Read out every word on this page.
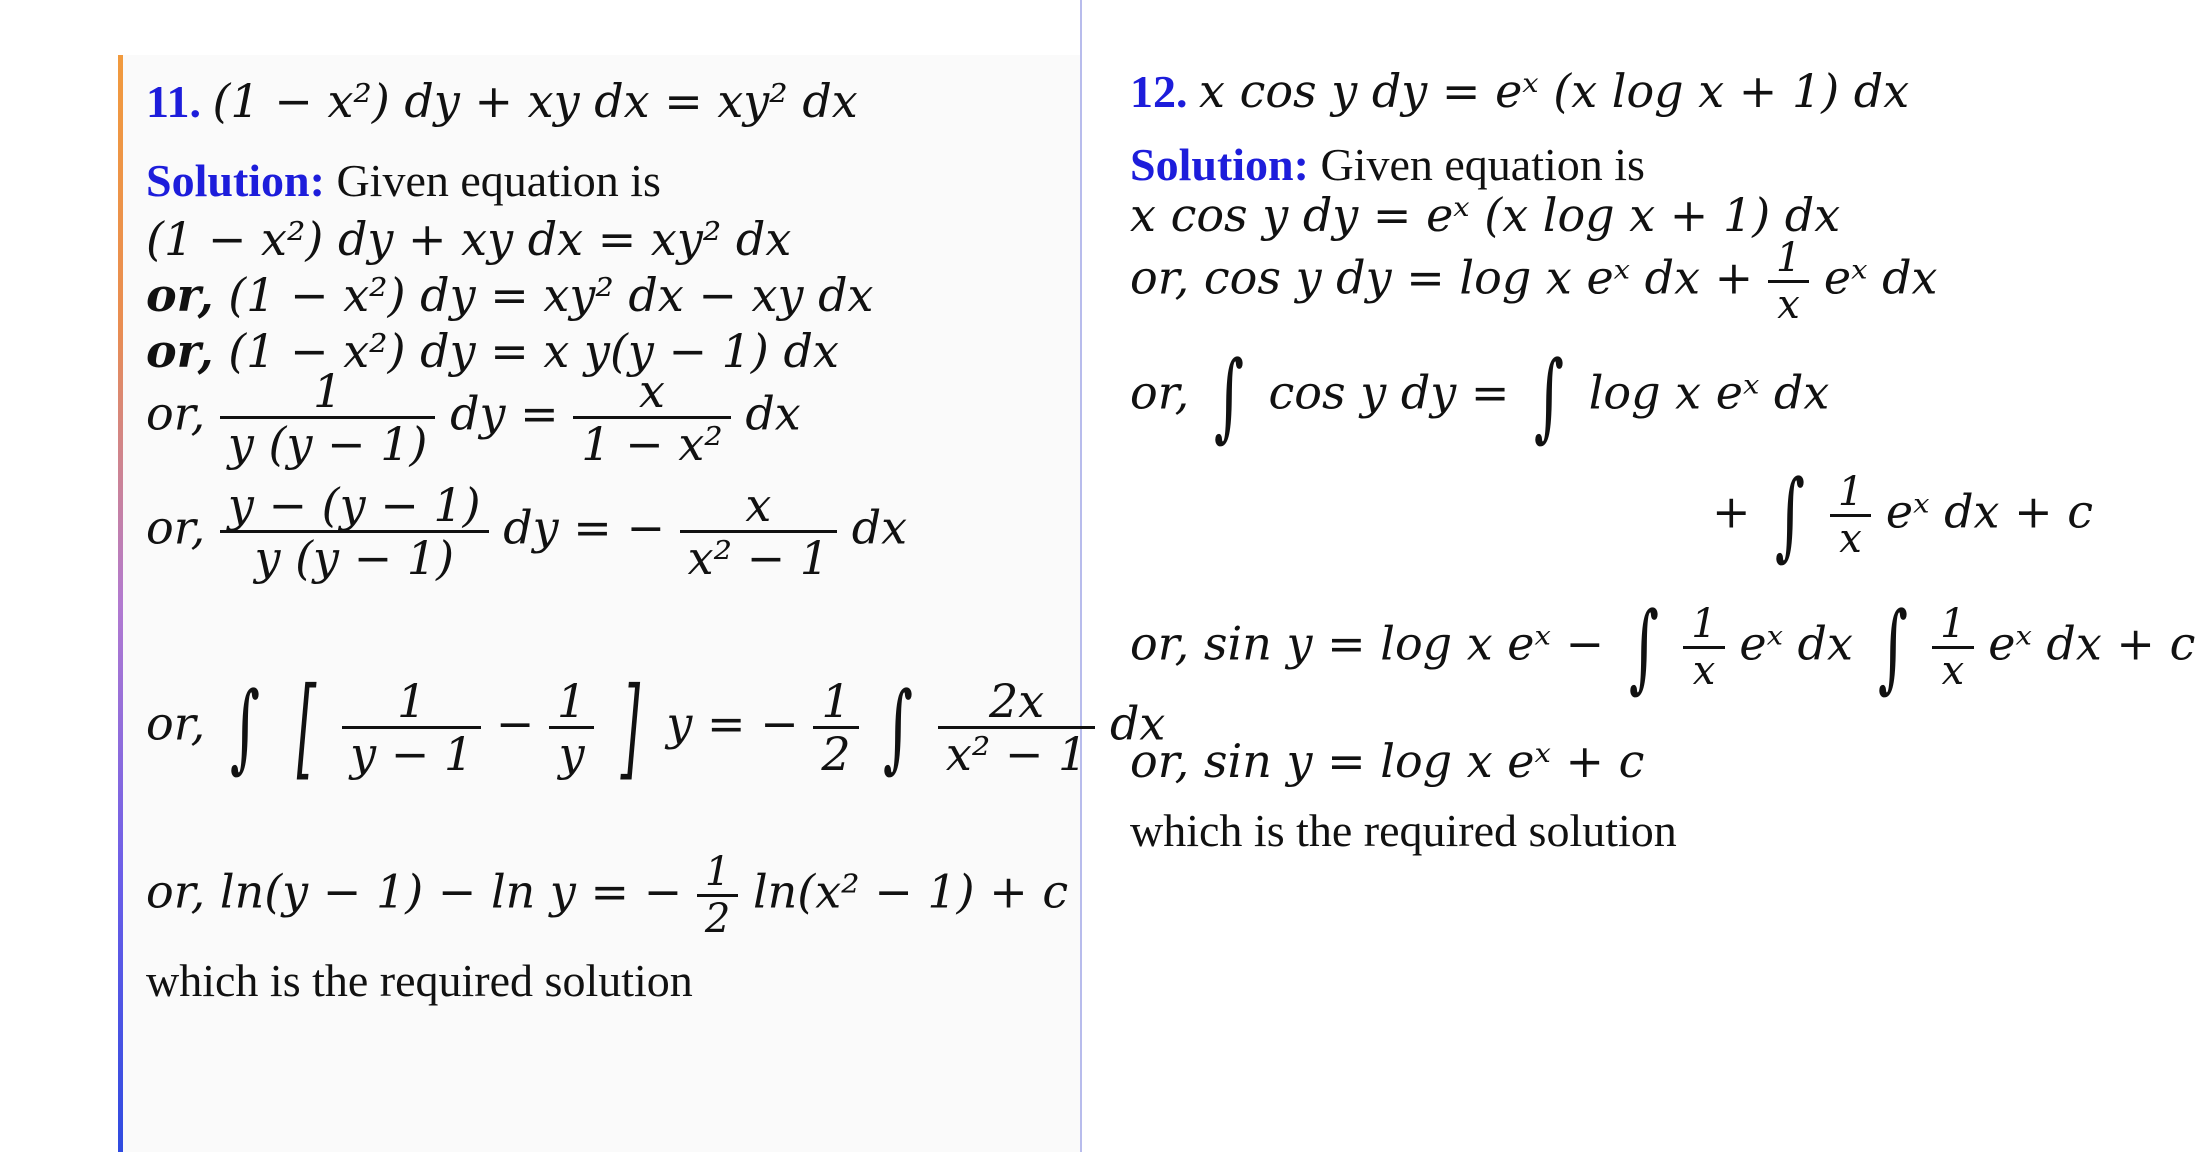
11. (1 − x²) dy + xy dx = xy² dx
Solution: Given equation is
(1 − x²) dy + xy dx = xy² dx
or, (1 − x²) dy = xy² dx − xy dx
or, (1 − x²) dy = x y(y − 1) dx
or, $\frac{1}{y (y - 1)}$ dy = $\frac{x}{\text{1 − x²}}$ dx
or, $\frac{y - (y - 1)}{y (y - 1)}$ dy = − $\frac{x}{\text{x² − 1}}$ dx
or, ∫ [ $\frac{1}{y - 1} - \frac{1}{y}$ ] y = − $\frac{1}{2}$ ∫ $\frac{2x}{\text{x² − 1}}$ dx
or, ln(y − 1) − ln y = − $\frac{1}{2} \ln(x^2 - 1) + c$
which is the required solution
12. x cos y dy = eˣ (x log x + 1) dx
Solution: Given equation is
x cos y dy = eˣ (x log x + 1) dx
or, cos y dy = log x eˣ dx + $\frac{1}{x}$ eˣ dx
or, ∫ cos y dy = ∫ log x eˣ dx
+ ∫ $\frac{1}{x}$ eˣ dx + c
or, sin y = log x eˣ − ∫ $\frac{1}{x}$ eˣ dx ∫ $\frac{1}{x}$ eˣ dx + c
or, sin y = log x eˣ + c
which is the required solution
